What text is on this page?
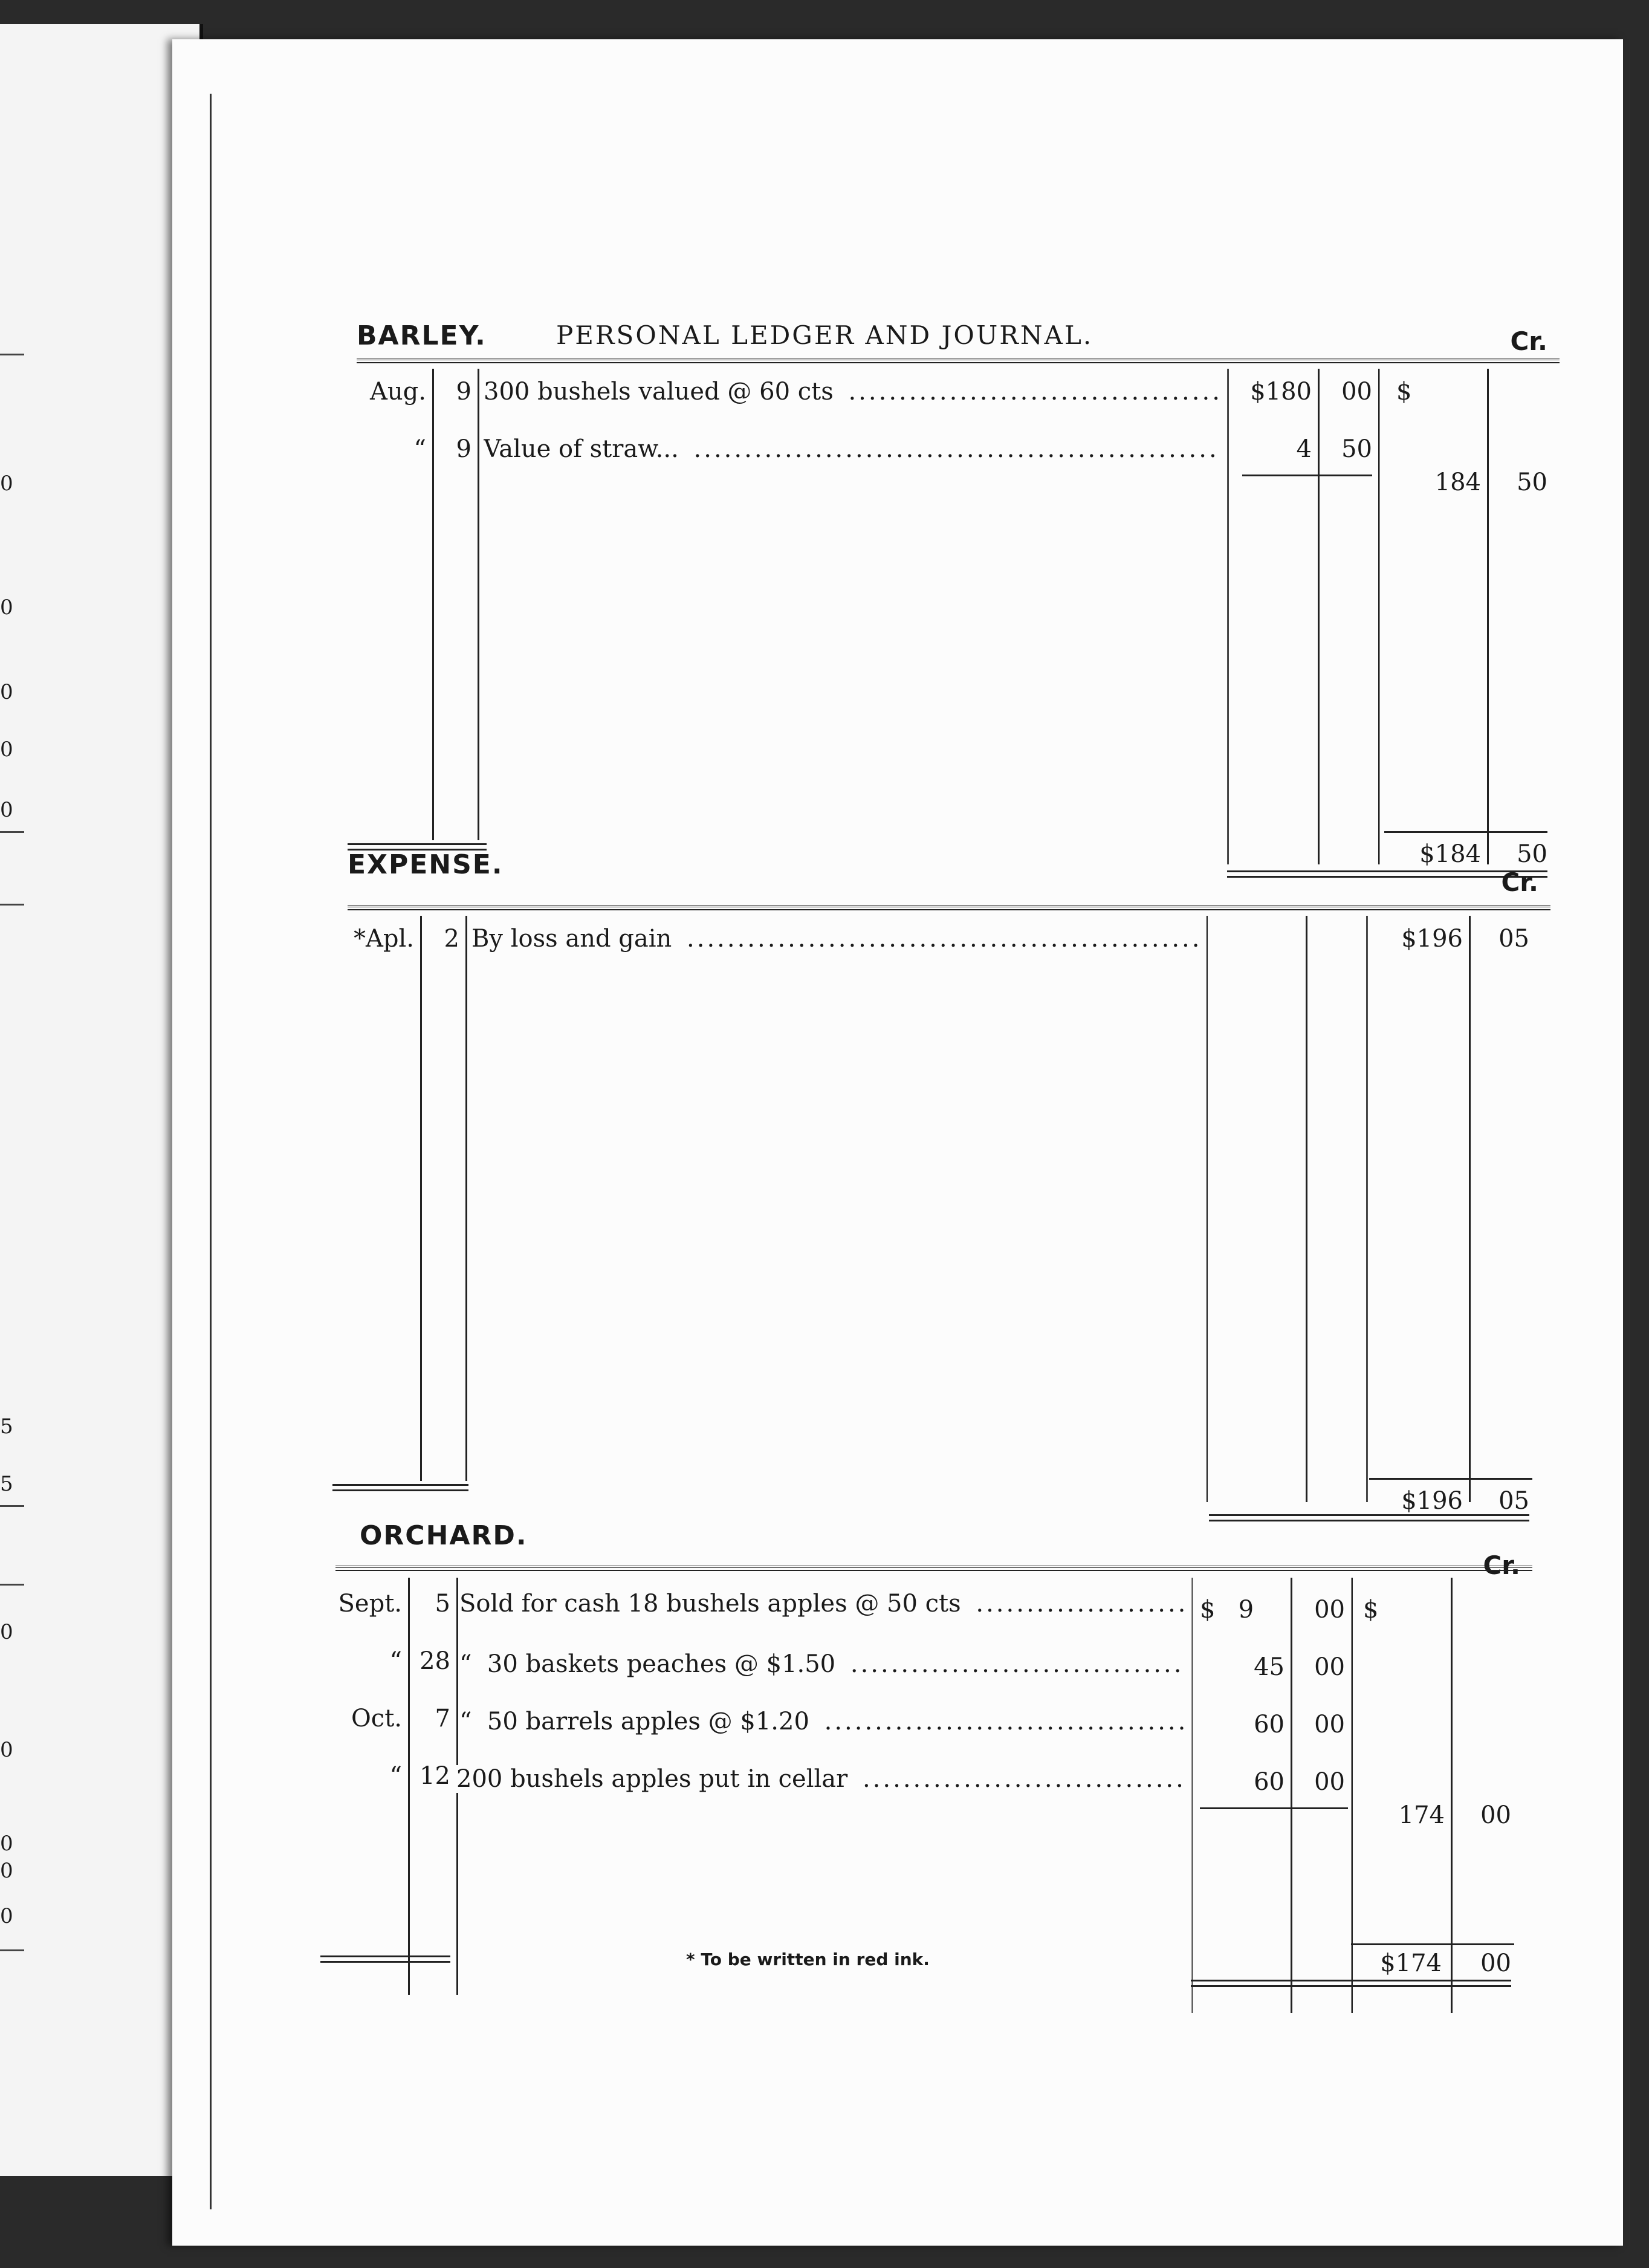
0
0
0
0
0
5
5
0
0
0
0
0
BARLEY.	PERSONAL LEDGER AND JOURNAL.	Cr.
Aug.	9 300 bushels valued @ 60 cts .....	$180	00 $
“	9 Value of straw... .....	4	50
184	50
$184	50
EXPENSE.
Cr.
*Apl.	2 By loss and gain .....	$196	05
$196	05
ORCHARD.
Cr.
Sept.	5 Sold for cash 18 bushels apples @ 50 cts .....	$   9	00 $
“ 28 “  30 baskets peaches @ $1.50 .....	45	00
Oct.	7 “  50 barrels apples @ $1.20 .....	60	00
“ 12 200 bushels apples put in cellar .....	60	00
174	00
$174	00
* To be written in red ink.
